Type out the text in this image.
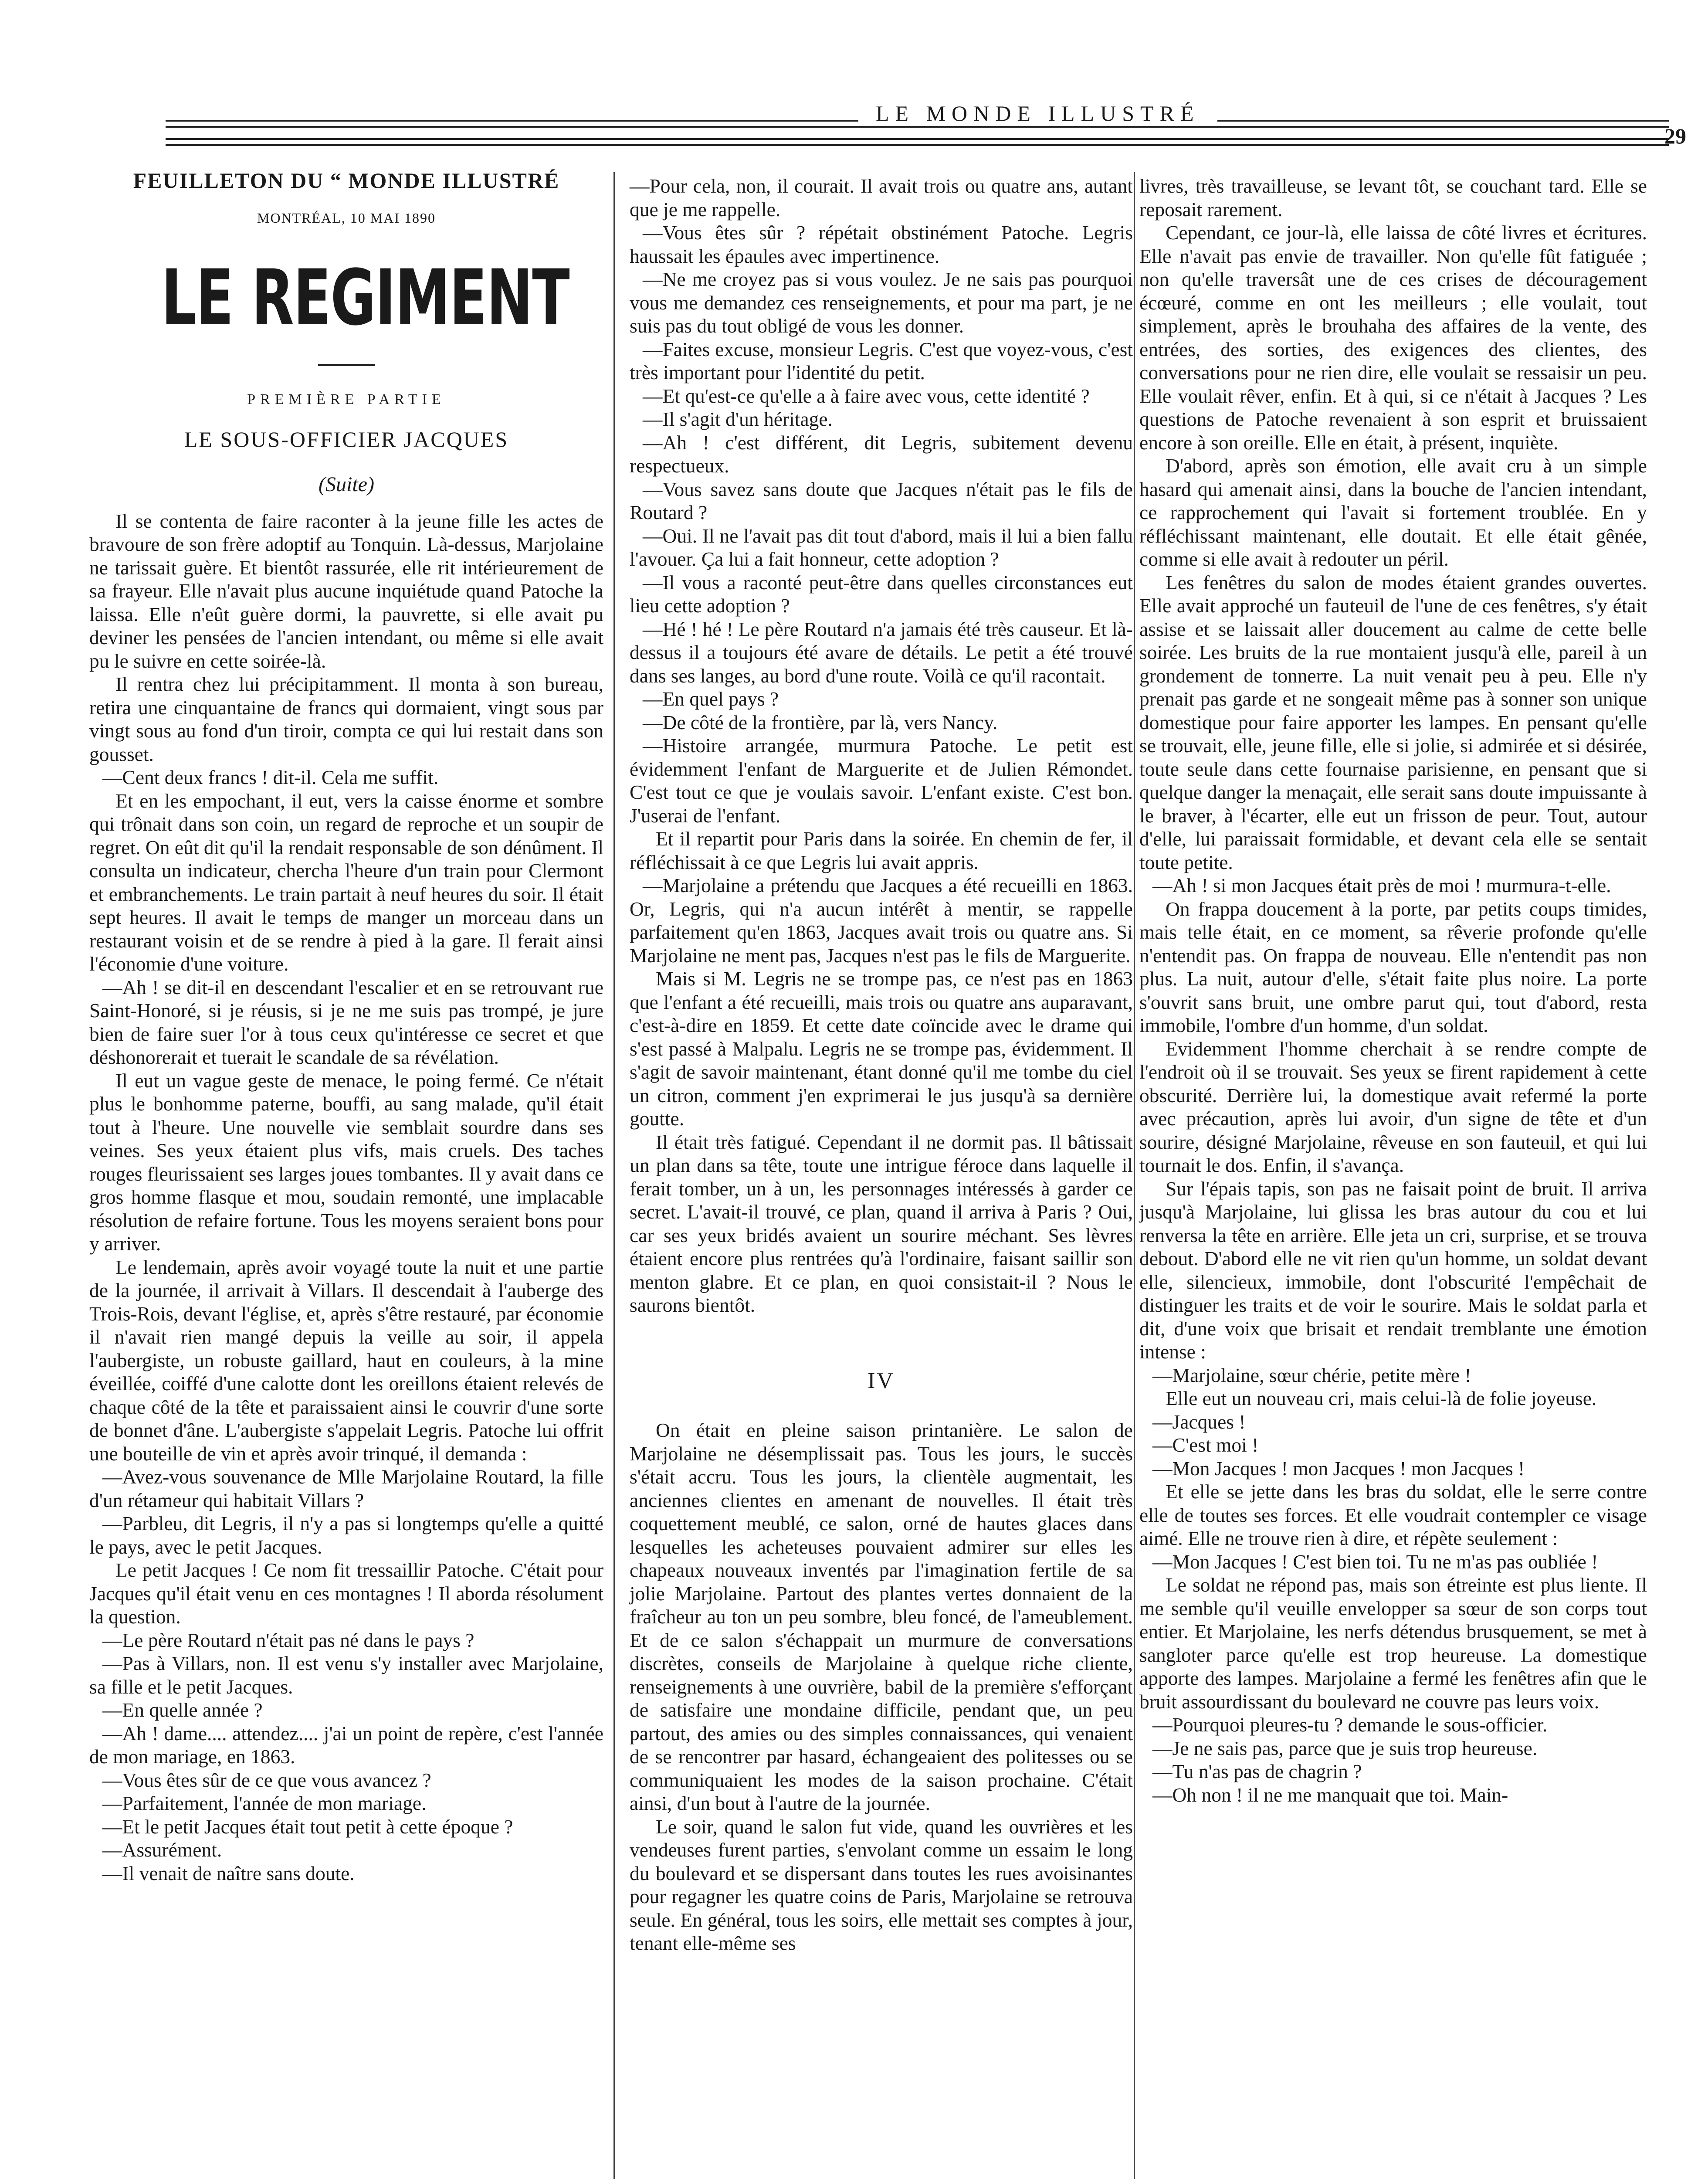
LE MONDE ILLUSTRÉ
29
FEUILLETON DU “ MONDE ILLUSTRÉ
MONTRÉAL, 10 MAI 1890
LE REGIMENT
PREMIÈRE PARTIE
LE SOUS-OFFICIER JACQUES
(Suite)

Il se contenta de faire raconter à la jeune fille les actes de bravoure de son frère adoptif au Tonquin. Là-dessus, Marjolaine ne tarissait guère. Et bientôt rassurée, elle rit intérieurement de sa frayeur. Elle n'avait plus aucune inquiétude quand Patoche la laissa. Elle n'eût guère dormi, la pauvrette, si elle avait pu deviner les pensées de l'ancien intendant, ou même si elle avait pu le suivre en cette soirée-là.

Il rentra chez lui précipitamment. Il monta à son bureau, retira une cinquantaine de francs qui dormaient, vingt sous par vingt sous au fond d'un tiroir, compta ce qui lui restait dans son gousset.

—Cent deux francs ! dit-il. Cela me suffit.

Et en les empochant, il eut, vers la caisse énorme et sombre qui trônait dans son coin, un regard de reproche et un soupir de regret. On eût dit qu'il la rendait responsable de son dénûment. Il consulta un indicateur, chercha l'heure d'un train pour Clermont et embranchements. Le train partait à neuf heures du soir. Il était sept heures. Il avait le temps de manger un morceau dans un restaurant voisin et de se rendre à pied à la gare. Il ferait ainsi l'économie d'une voiture.

—Ah ! se dit-il en descendant l'escalier et en se retrouvant rue Saint-Honoré, si je réusis, si je ne me suis pas trompé, je jure bien de faire suer l'or à tous ceux qu'intéresse ce secret et que déshonorerait et tuerait le scandale de sa révélation.

Il eut un vague geste de menace, le poing fermé. Ce n'était plus le bonhomme paterne, bouffi, au sang malade, qu'il était tout à l'heure. Une nouvelle vie semblait sourdre dans ses veines. Ses yeux étaient plus vifs, mais cruels. Des taches rouges fleurissaient ses larges joues tombantes. Il y avait dans ce gros homme flasque et mou, soudain remonté, une implacable résolution de refaire fortune. Tous les moyens seraient bons pour y arriver.

Le lendemain, après avoir voyagé toute la nuit et une partie de la journée, il arrivait à Villars. Il descendait à l'auberge des Trois-Rois, devant l'église, et, après s'être restauré, par économie il n'avait rien mangé depuis la veille au soir, il appela l'aubergiste, un robuste gaillard, haut en couleurs, à la mine éveillée, coiffé d'une calotte dont les oreillons étaient relevés de chaque côté de la tête et paraissaient ainsi le couvrir d'une sorte de bonnet d'âne. L'aubergiste s'appelait Legris. Patoche lui offrit une bouteille de vin et après avoir trinqué, il demanda :

—Avez-vous souvenance de Mlle Marjolaine Routard, la fille d'un rétameur qui habitait Villars ?

—Parbleu, dit Legris, il n'y a pas si longtemps qu'elle a quitté le pays, avec le petit Jacques.

Le petit Jacques ! Ce nom fit tressaillir Patoche. C'était pour Jacques qu'il était venu en ces montagnes ! Il aborda résolument la question.

—Le père Routard n'était pas né dans le pays ?

—Pas à Villars, non. Il est venu s'y installer avec Marjolaine, sa fille et le petit Jacques.

—En quelle année ?

—Ah ! dame.... attendez.... j'ai un point de repère, c'est l'année de mon mariage, en 1863.

—Vous êtes sûr de ce que vous avancez ?

—Parfaitement, l'année de mon mariage.

—Et le petit Jacques était tout petit à cette époque ?

—Assurément.

—Il venait de naître sans doute.

—Pour cela, non, il courait. Il avait trois ou quatre ans, autant que je me rappelle.

—Vous êtes sûr ? répétait obstinément Patoche. Legris haussait les épaules avec impertinence.

—Ne me croyez pas si vous voulez. Je ne sais pas pourquoi vous me demandez ces renseignements, et pour ma part, je ne suis pas du tout obligé de vous les donner.

—Faites excuse, monsieur Legris. C'est que voyez-vous, c'est très important pour l'identité du petit.

—Et qu'est-ce qu'elle a à faire avec vous, cette identité ?

—Il s'agit d'un héritage.

—Ah ! c'est différent, dit Legris, subitement devenu respectueux.

—Vous savez sans doute que Jacques n'était pas le fils de Routard ?

—Oui. Il ne l'avait pas dit tout d'abord, mais il lui a bien fallu l'avouer. Ça lui a fait honneur, cette adoption ?

—Il vous a raconté peut-être dans quelles circonstances eut lieu cette adoption ?

—Hé ! hé ! Le père Routard n'a jamais été très causeur. Et là-dessus il a toujours été avare de détails. Le petit a été trouvé dans ses langes, au bord d'une route. Voilà ce qu'il racontait.

—En quel pays ?

—De côté de la frontière, par là, vers Nancy.

—Histoire arrangée, murmura Patoche. Le petit est évidemment l'enfant de Marguerite et de Julien Rémondet. C'est tout ce que je voulais savoir. L'enfant existe. C'est bon. J'userai de l'enfant.

Et il repartit pour Paris dans la soirée. En chemin de fer, il réfléchissait à ce que Legris lui avait appris.

—Marjolaine a prétendu que Jacques a été recueilli en 1863. Or, Legris, qui n'a aucun intérêt à mentir, se rappelle parfaitement qu'en 1863, Jacques avait trois ou quatre ans. Si Marjolaine ne ment pas, Jacques n'est pas le fils de Marguerite.

Mais si M. Legris ne se trompe pas, ce n'est pas en 1863 que l'enfant a été recueilli, mais trois ou quatre ans auparavant, c'est-à-dire en 1859. Et cette date coïncide avec le drame qui s'est passé à Malpalu. Legris ne se trompe pas, évidemment. Il s'agit de savoir maintenant, étant donné qu'il me tombe du ciel un citron, comment j'en exprimerai le jus jusqu'à sa dernière goutte.

Il était très fatigué. Cependant il ne dormit pas. Il bâtissait un plan dans sa tête, toute une intrigue féroce dans laquelle il ferait tomber, un à un, les personnages intéressés à garder ce secret. L'avait-il trouvé, ce plan, quand il arriva à Paris ? Oui, car ses yeux bridés avaient un sourire méchant. Ses lèvres étaient encore plus rentrées qu'à l'ordinaire, faisant saillir son menton glabre. Et ce plan, en quoi consistait-il ? Nous le saurons bientôt.

IV

On était en pleine saison printanière. Le salon de Marjolaine ne désemplissait pas. Tous les jours, le succès s'était accru. Tous les jours, la clientèle augmentait, les anciennes clientes en amenant de nouvelles. Il était très coquettement meublé, ce salon, orné de hautes glaces dans lesquelles les acheteuses pouvaient admirer sur elles les chapeaux nouveaux inventés par l'imagination fertile de sa jolie Marjolaine. Partout des plantes vertes donnaient de la fraîcheur au ton un peu sombre, bleu foncé, de l'ameublement. Et de ce salon s'échappait un murmure de conversations discrètes, conseils de Marjolaine à quelque riche cliente, renseignements à une ouvrière, babil de la première s'efforçant de satisfaire une mondaine difficile, pendant que, un peu partout, des amies ou des simples connaissances, qui venaient de se rencontrer par hasard, échangeaient des politesses ou se communiquaient les modes de la saison prochaine. C'était ainsi, d'un bout à l'autre de la journée.

Le soir, quand le salon fut vide, quand les ouvrières et les vendeuses furent parties, s'envolant comme un essaim le long du boulevard et se dispersant dans toutes les rues avoisinantes pour regagner les quatre coins de Paris, Marjolaine se retrouva seule. En général, tous les soirs, elle mettait ses comptes à jour, tenant elle-même ses

livres, très travailleuse, se levant tôt, se couchant tard. Elle se reposait rarement.

Cependant, ce jour-là, elle laissa de côté livres et écritures. Elle n'avait pas envie de travailler. Non qu'elle fût fatiguée ; non qu'elle traversât une de ces crises de découragement écœuré, comme en ont les meilleurs ; elle voulait, tout simplement, après le brouhaha des affaires de la vente, des entrées, des sorties, des exigences des clientes, des conversations pour ne rien dire, elle voulait se ressaisir un peu. Elle voulait rêver, enfin. Et à qui, si ce n'était à Jacques ? Les questions de Patoche revenaient à son esprit et bruissaient encore à son oreille. Elle en était, à présent, inquiète.

D'abord, après son émotion, elle avait cru à un simple hasard qui amenait ainsi, dans la bouche de l'ancien intendant, ce rapprochement qui l'avait si fortement troublée. En y réfléchissant maintenant, elle doutait. Et elle était gênée, comme si elle avait à redouter un péril.

Les fenêtres du salon de modes étaient grandes ouvertes. Elle avait approché un fauteuil de l'une de ces fenêtres, s'y était assise et se laissait aller doucement au calme de cette belle soirée. Les bruits de la rue montaient jusqu'à elle, pareil à un grondement de tonnerre. La nuit venait peu à peu. Elle n'y prenait pas garde et ne songeait même pas à sonner son unique domestique pour faire apporter les lampes. En pensant qu'elle se trouvait, elle, jeune fille, elle si jolie, si admirée et si désirée, toute seule dans cette fournaise parisienne, en pensant que si quelque danger la menaçait, elle serait sans doute impuissante à le braver, à l'écarter, elle eut un frisson de peur. Tout, autour d'elle, lui paraissait formidable, et devant cela elle se sentait toute petite.

—Ah ! si mon Jacques était près de moi ! murmura-t-elle.

On frappa doucement à la porte, par petits coups timides, mais telle était, en ce moment, sa rêverie profonde qu'elle n'entendit pas. On frappa de nouveau. Elle n'entendit pas non plus. La nuit, autour d'elle, s'était faite plus noire. La porte s'ouvrit sans bruit, une ombre parut qui, tout d'abord, resta immobile, l'ombre d'un homme, d'un soldat.

Evidemment l'homme cherchait à se rendre compte de l'endroit où il se trouvait. Ses yeux se firent rapidement à cette obscurité. Derrière lui, la domestique avait refermé la porte avec précaution, après lui avoir, d'un signe de tête et d'un sourire, désigné Marjolaine, rêveuse en son fauteuil, et qui lui tournait le dos. Enfin, il s'avança.

Sur l'épais tapis, son pas ne faisait point de bruit. Il arriva jusqu'à Marjolaine, lui glissa les bras autour du cou et lui renversa la tête en arrière. Elle jeta un cri, surprise, et se trouva debout. D'abord elle ne vit rien qu'un homme, un soldat devant elle, silencieux, immobile, dont l'obscurité l'empêchait de distinguer les traits et de voir le sourire. Mais le soldat parla et dit, d'une voix que brisait et rendait tremblante une émotion intense :

—Marjolaine, sœur chérie, petite mère !

Elle eut un nouveau cri, mais celui-là de folie joyeuse.

—Jacques !

—C'est moi !

—Mon Jacques ! mon Jacques ! mon Jacques !

Et elle se jette dans les bras du soldat, elle le serre contre elle de toutes ses forces. Et elle voudrait contempler ce visage aimé. Elle ne trouve rien à dire, et répète seulement :

—Mon Jacques ! C'est bien toi. Tu ne m'as pas oubliée !

Le soldat ne répond pas, mais son étreinte est plus liente. Il me semble qu'il veuille envelopper sa sœur de son corps tout entier. Et Marjolaine, les nerfs détendus brusquement, se met à sangloter parce qu'elle est trop heureuse. La domestique apporte des lampes. Marjolaine a fermé les fenêtres afin que le bruit assourdissant du boulevard ne couvre pas leurs voix.

—Pourquoi pleures-tu ? demande le sous-officier.

—Je ne sais pas, parce que je suis trop heureuse.

—Tu n'as pas de chagrin ?

—Oh non ! il ne me manquait que toi. Main-
